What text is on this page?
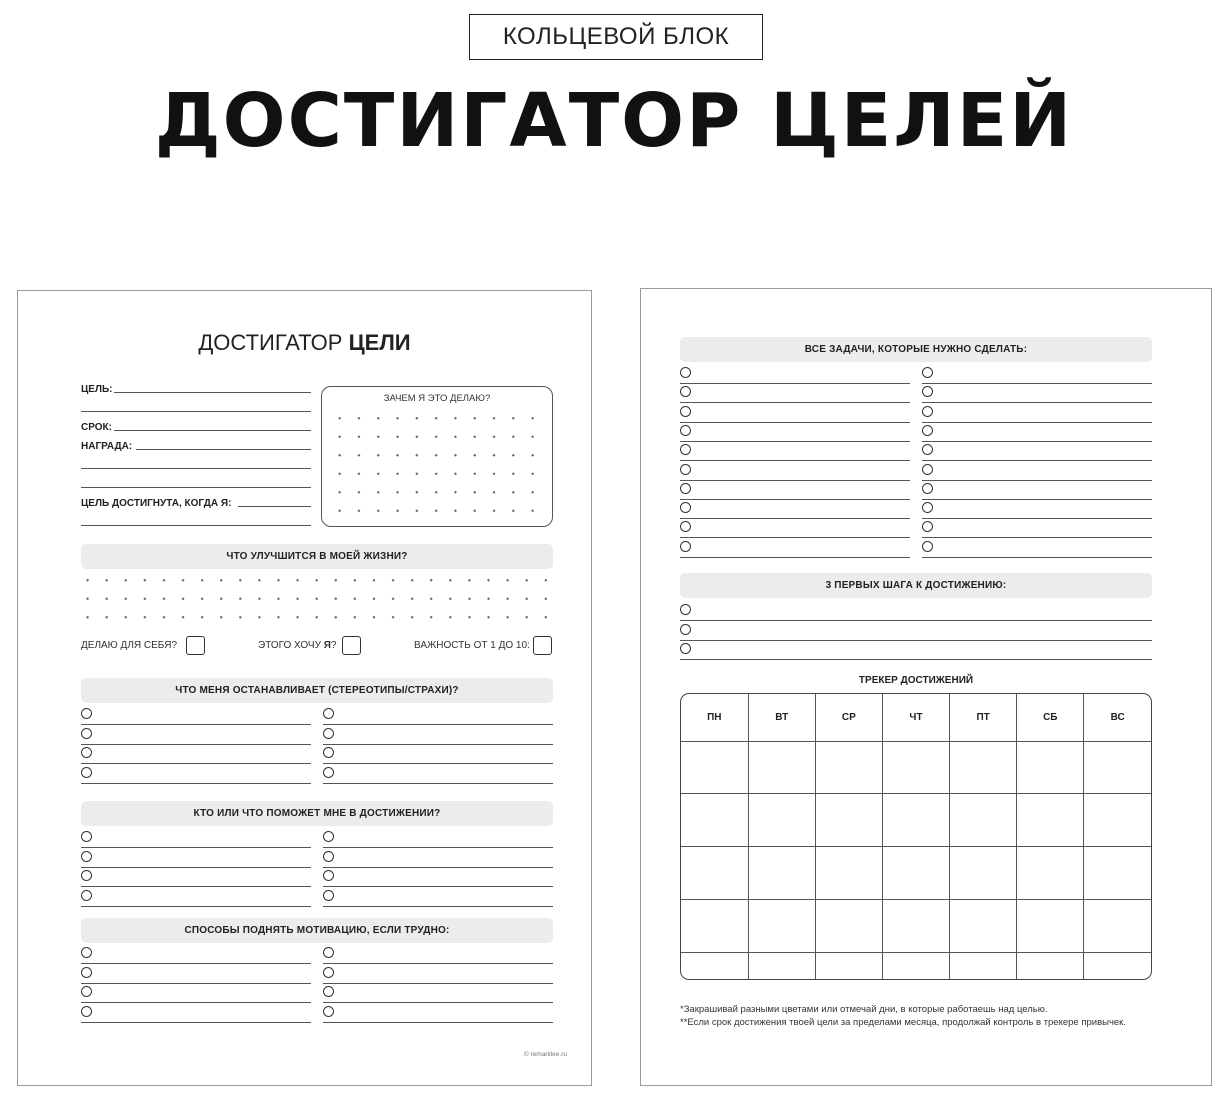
КОЛЬЦЕВОЙ БЛОК
ДОСТИГАТОР ЦЕЛЕЙ
ДОСТИГАТОР ЦЕЛИ
ЦЕЛЬ:
СРОК:
НАГРАДА:
ЦЕЛЬ ДОСТИГНУТА, КОГДА Я:
ЗАЧЕМ Я ЭТО ДЕЛАЮ?
ЧТО УЛУЧШИТСЯ В МОЕЙ ЖИЗНИ?
ДЕЛАЮ ДЛЯ СЕБЯ?	ЭТОГО ХОЧУ Я?	ВАЖНОСТЬ ОТ 1 ДО 10:
ЧТО МЕНЯ ОСТАНАВЛИВАЕТ (СТЕРЕОТИПЫ/СТРАХИ)?
КТО ИЛИ ЧТО ПОМОЖЕТ МНЕ В ДОСТИЖЕНИИ?
СПОСОБЫ ПОДНЯТЬ МОТИВАЦИЮ, ЕСЛИ ТРУДНО:
© remarklee.ru
ВСЕ ЗАДАЧИ, КОТОРЫЕ НУЖНО СДЕЛАТЬ:
3 ПЕРВЫХ ШАГА К ДОСТИЖЕНИЮ:
ТРЕКЕР ДОСТИЖЕНИЙ
ПН	ВТ	СР	ЧТ	ПТ	СБ	ВС

*Закрашивай разными цветами или отмечай дни, в которые работаешь над целью.
**Если срок достижения твоей цели за пределами месяца, продолжай контроль в трекере привычек.
